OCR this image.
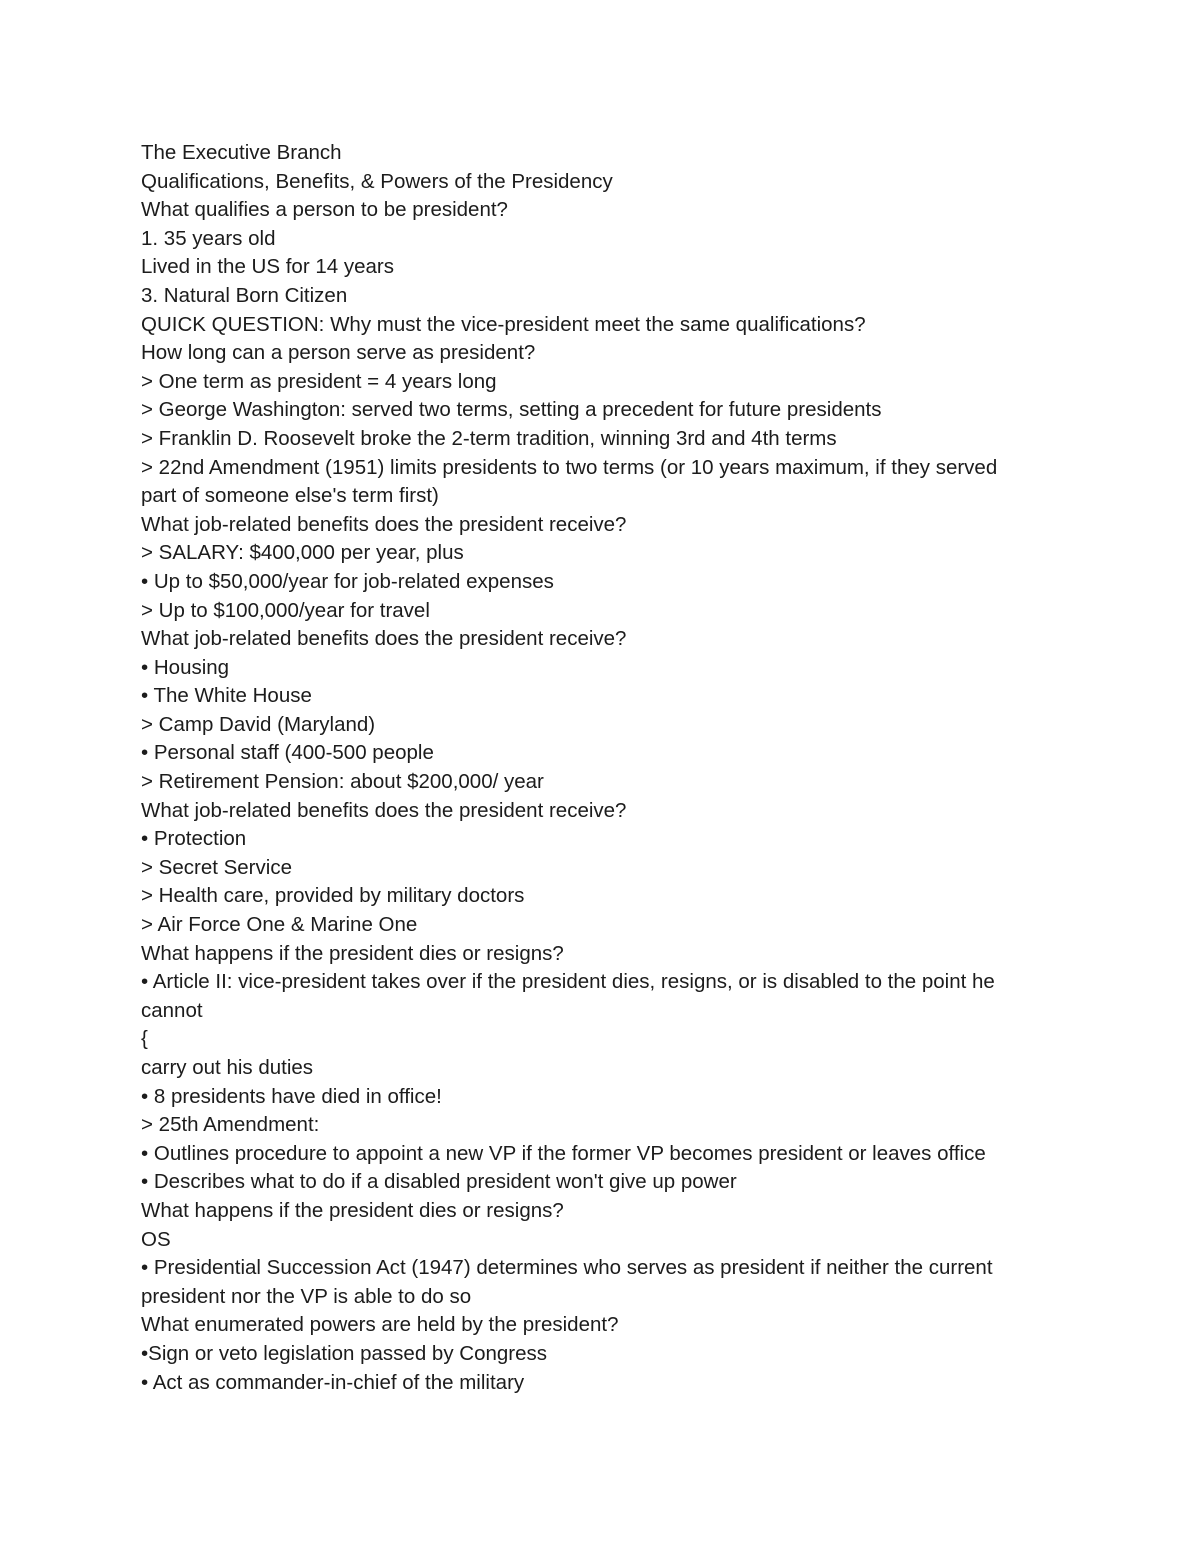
The Executive Branch

Qualifications, Benefits, & Powers of the Presidency

What qualifies a person to be president?

1. 35 years old

Lived in the US for 14 years

3. Natural Born Citizen

QUICK QUESTION: Why must the vice-president meet the same qualifications?

How long can a person serve as president?

> One term as president = 4 years long

> George Washington: served two terms, setting a precedent for future presidents

> Franklin D. Roosevelt broke the 2-term tradition, winning 3rd and 4th terms

> 22nd Amendment (1951) limits presidents to two terms (or 10 years maximum, if they served

part of someone else's term first)

What job-related benefits does the president receive?

> SALARY: $400,000 per year, plus

• Up to $50,000/year for job-related expenses

> Up to $100,000/year for travel

What job-related benefits does the president receive?

• Housing

• The White House

> Camp David (Maryland)

• Personal staff (400-500 people

> Retirement Pension: about $200,000/ year

What job-related benefits does the president receive?

• Protection

> Secret Service

> Health care, provided by military doctors

> Air Force One & Marine One

What happens if the president dies or resigns?

• Article II: vice-president takes over if the president dies, resigns, or is disabled to the point he

cannot

{

carry out his duties

• 8 presidents have died in office!

> 25th Amendment:

• Outlines procedure to appoint a new VP if the former VP becomes president or leaves office

• Describes what to do if a disabled president won't give up power

What happens if the president dies or resigns?

OS

• Presidential Succession Act (1947) determines who serves as president if neither the current

president nor the VP is able to do so

What enumerated powers are held by the president?

•Sign or veto legislation passed by Congress

• Act as commander-in-chief of the military
